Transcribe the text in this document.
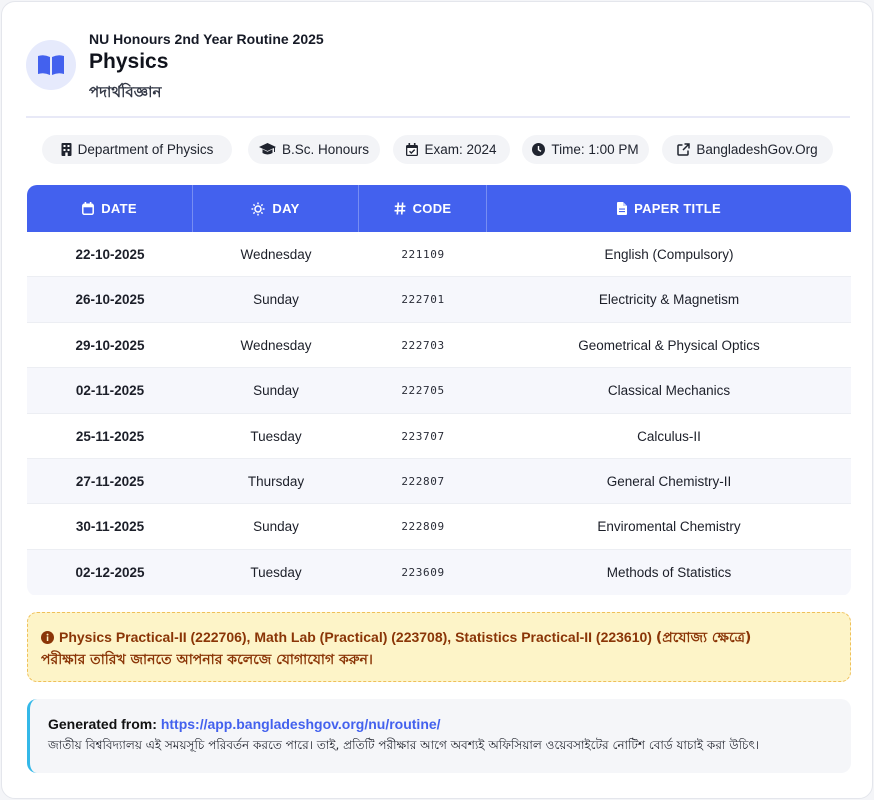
NU Honours 2nd Year Routine 2025
Physics
পদার্থবিজ্ঞান
Department of Physics	B.Sc. Honours	Exam: 2024	Time: 1:00 PM	BangladeshGov.Org
DATE	DAY	CODE	PAPER TITLE
22-10-2025	Wednesday	221109	English (Compulsory)
26-10-2025	Sunday	222701	Electricity & Magnetism
29-10-2025	Wednesday	222703	Geometrical & Physical Optics
02-11-2025	Sunday	222705	Classical Mechanics
25-11-2025	Tuesday	223707	Calculus-II
27-11-2025	Thursday	222807	General Chemistry-II
30-11-2025	Sunday	222809	Enviromental Chemistry
02-12-2025	Tuesday	223609	Methods of Statistics
Physics Practical-II (222706), Math Lab (Practical) (223708), Statistics Practical-II (223610) (প্রযোজ্য ক্ষেত্রে)
পরীক্ষার তারিখ জানতে আপনার কলেজে যোগাযোগ করুন।
Generated from: https://app.bangladeshgov.org/nu/routine/
জাতীয় বিশ্ববিদ্যালয় এই সময়সূচি পরিবর্তন করতে পারে। তাই, প্রতিটি পরীক্ষার আগে অবশ্যই অফিসিয়াল ওয়েবসাইটের নোটিশ বোর্ড যাচাই করা উচিৎ।
